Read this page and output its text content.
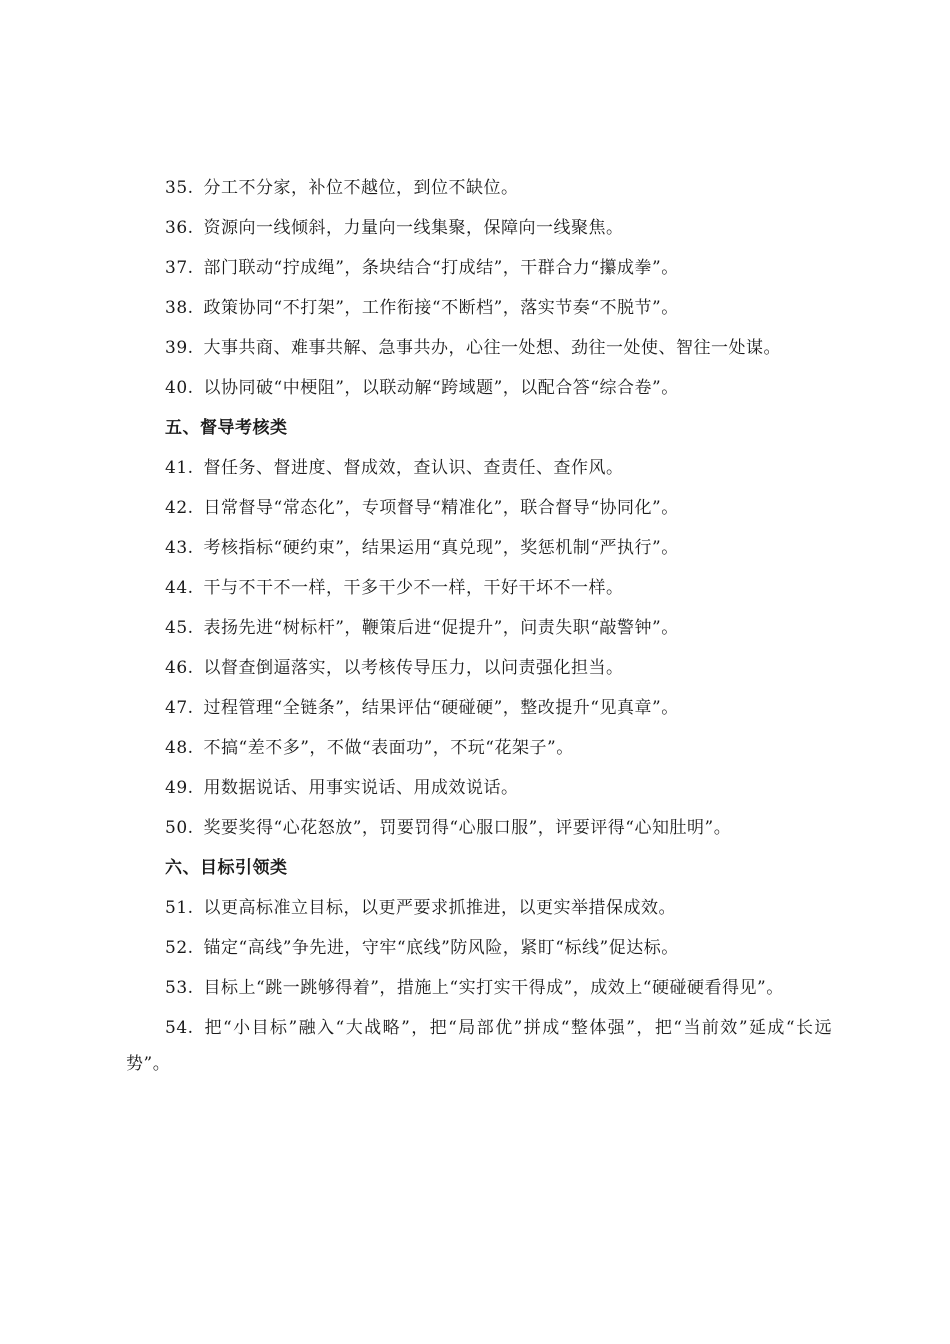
35. 分工不分家，补位不越位，到位不缺位。

36. 资源向一线倾斜，力量向一线集聚，保障向一线聚焦。

37. 部门联动“拧成绳”，条块结合“打成结”，干群合力“攥成拳”。

38. 政策协同“不打架”，工作衔接“不断档”，落实节奏“不脱节”。

39. 大事共商、难事共解、急事共办，心往一处想、劲往一处使、智往一处谋。

40. 以协同破“中梗阻”，以联动解“跨域题”，以配合答“综合卷”。

五、督导考核类

41. 督任务、督进度、督成效，查认识、查责任、查作风。

42. 日常督导“常态化”，专项督导“精准化”，联合督导“协同化”。

43. 考核指标“硬约束”，结果运用“真兑现”，奖惩机制“严执行”。

44. 干与不干不一样，干多干少不一样，干好干坏不一样。

45. 表扬先进“树标杆”，鞭策后进“促提升”，问责失职“敲警钟”。

46. 以督查倒逼落实，以考核传导压力，以问责强化担当。

47. 过程管理“全链条”，结果评估“硬碰硬”，整改提升“见真章”。

48. 不搞“差不多”，不做“表面功”，不玩“花架子”。

49. 用数据说话、用事实说话、用成效说话。

50. 奖要奖得“心花怒放”，罚要罚得“心服口服”，评要评得“心知肚明”。

六、目标引领类

51. 以更高标准立目标，以更严要求抓推进，以更实举措保成效。

52. 锚定“高线”争先进，守牢“底线”防风险，紧盯“标线”促达标。

53. 目标上“跳一跳够得着”，措施上“实打实干得成”，成效上“硬碰硬看得见”。

54. 把“小目标”融入“大战略”，把“局部优”拼成“整体强”，把“当前效”延成“长远势”。
